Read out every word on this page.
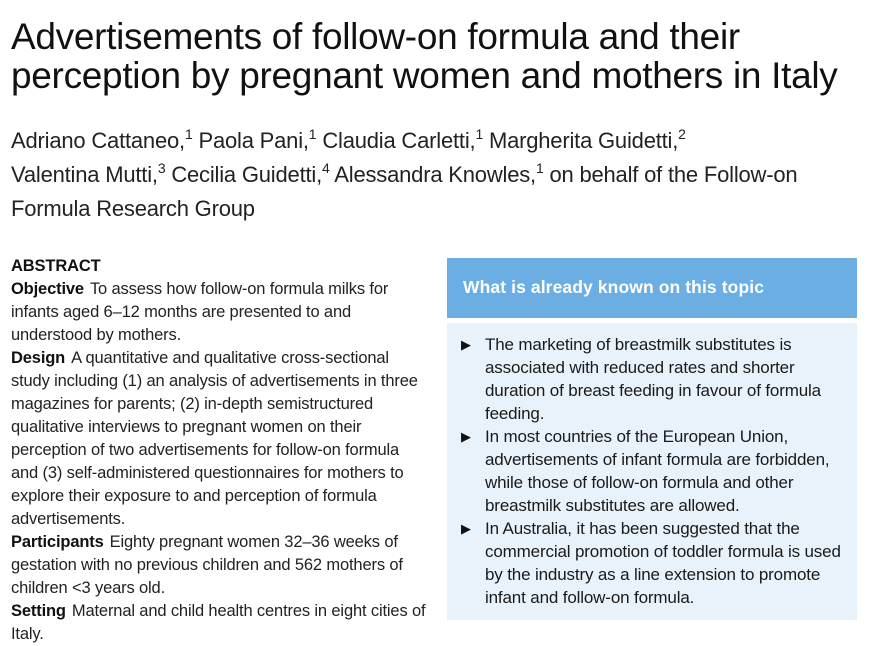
Advertisements of follow-on formula and their perception by pregnant women and mothers in Italy
Adriano Cattaneo,$^1$ Paola Pani,$^1$ Claudia Carletti,$^1$ Margherita Guidetti,$^2$
Valentina Mutti,$^3$ Cecilia Guidetti,$^4$ Alessandra Knowles,$^1$ on behalf of the Follow-on Formula Research Group
ABSTRACT

Objective To assess how follow-on formula milks for infants aged 6–12 months are presented to and understood by mothers.

Design A quantitative and qualitative cross-sectional study including (1) an analysis of advertisements in three magazines for parents; (2) in-depth semistructured qualitative interviews to pregnant women on their perception of two advertisements for follow-on formula and (3) self-administered questionnaires for mothers to explore their exposure to and perception of formula advertisements.

Participants Eighty pregnant women 32–36 weeks of gestation with no previous children and 562 mothers of children <3 years old.

Setting Maternal and child health centres in eight cities of Italy.

What is already known on this topic
▶ The marketing of breastmilk substitutes is associated with reduced rates and shorter duration of breast feeding in favour of formula feeding.
▶ In most countries of the European Union, advertisements of infant formula are forbidden, while those of follow-on formula and other breastmilk substitutes are allowed.
▶ In Australia, it has been suggested that the commercial promotion of toddler formula is used by the industry as a line extension to promote infant and follow-on formula.
